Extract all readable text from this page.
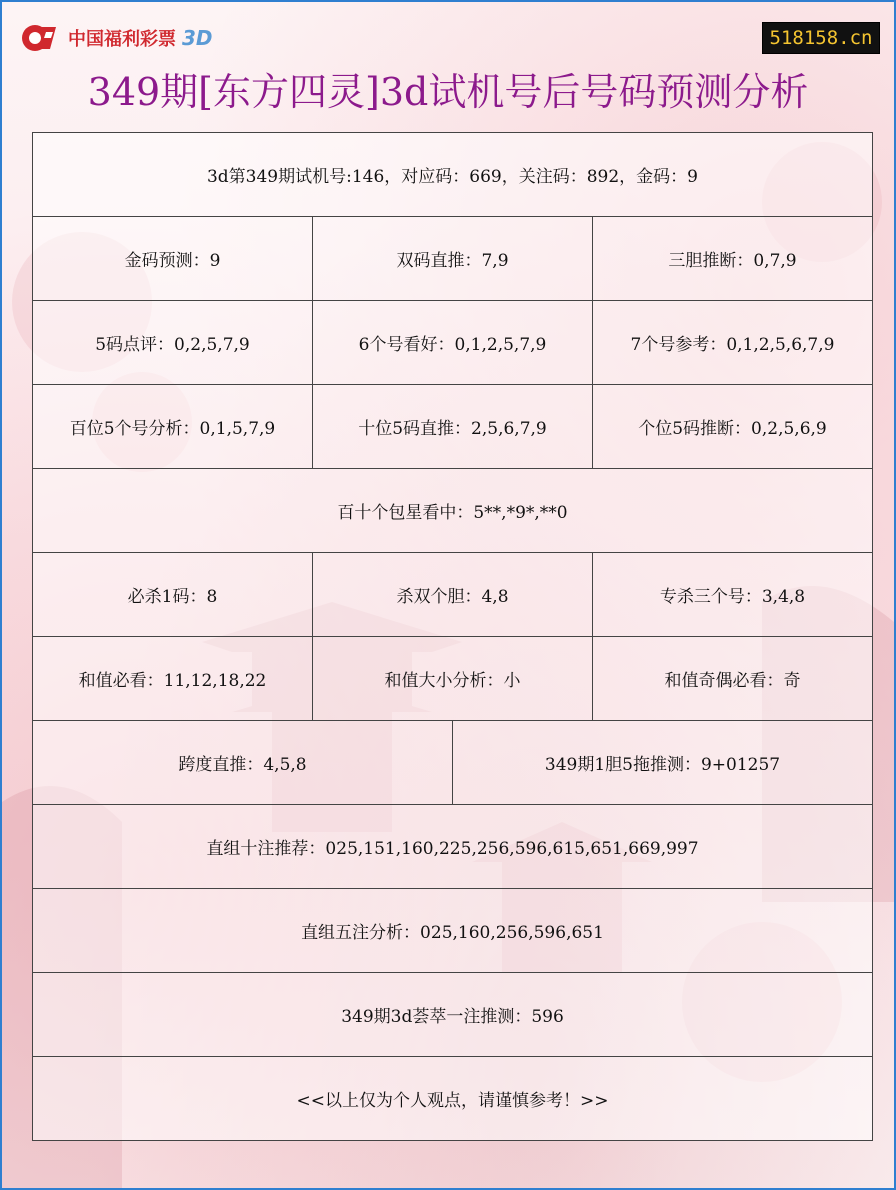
中国福利彩票 3D	518158.cn
349期[东方四灵]3d试机号后号码预测分析
3d第349期试机号:146，对应码：669，关注码：892，金码：9
金码预测：9	双码直推：7,9	三胆推断：0,7,9
5码点评：0,2,5,7,9	6个号看好：0,1,2,5,7,9	7个号参考：0,1,2,5,6,7,9
百位5个号分析：0,1,5,7,9	十位5码直推：2,5,6,7,9	个位5码推断：0,2,5,6,9
百十个包星看中：5**,*9*,**0
必杀1码：8	杀双个胆：4,8	专杀三个号：3,4,8
和值必看：11,12,18,22	和值大小分析：小	和值奇偶必看：奇
跨度直推：4,5,8	349期1胆5拖推测：9+01257
直组十注推荐：025,151,160,225,256,596,615,651,669,997
直组五注分析：025,160,256,596,651
349期3d荟萃一注推测：596
<<以上仅为个人观点，请谨慎参考！>>
